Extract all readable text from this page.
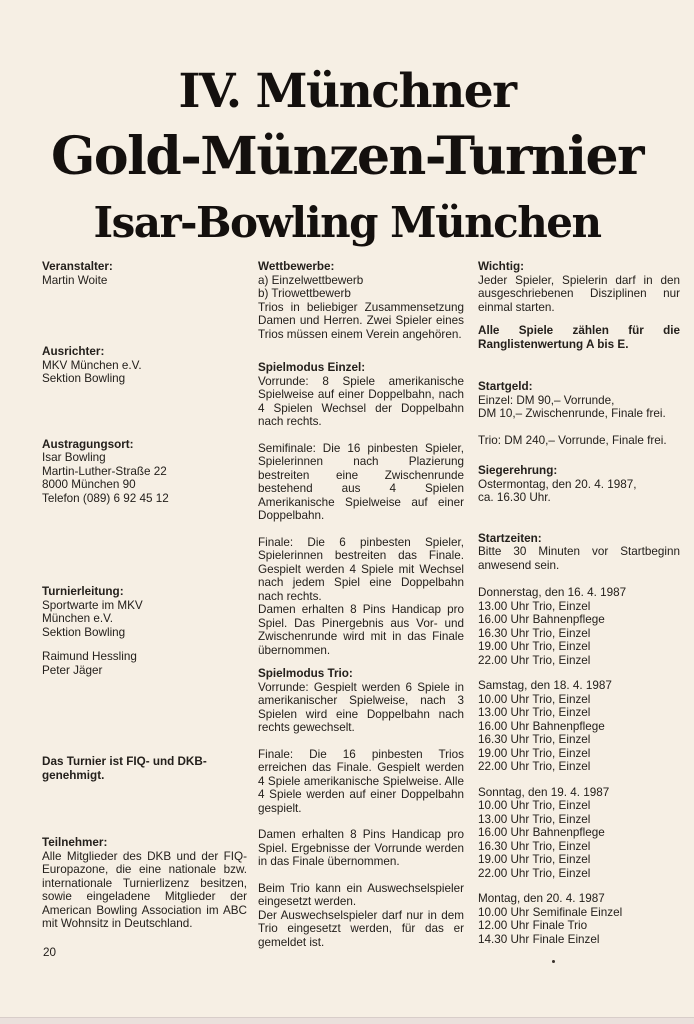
IV. Münchner
Gold-Münzen-Turnier
Isar-Bowling München
Veranstalter:
Martin Woite
Ausrichter:
MKV München e.V.
Sektion Bowling
Austragungsort:
Isar Bowling
Martin-Luther-Straße 22
8000 München 90
Telefon (089) 6 92 45 12
Turnierleitung:
Sportwarte im MKV
München e.V.
Sektion Bowling
Raimund Hessling
Peter Jäger
Das Turnier ist FIQ- und DKB-genehmigt.
Teilnehmer:
Alle Mitglieder des DKB und der FIQ-Europazone, die eine nationale bzw. internationale Turnierlizenz besitzen, sowie eingeladene Mitglieder der American Bowling Association im ABC mit Wohnsitz in Deutschland.
Wettbewerbe:
a) Einzelwettbewerb
b) Triowettbewerb
Trios in beliebiger Zusammensetzung Damen und Herren. Zwei Spieler eines Trios müssen einem Verein angehören.
Spielmodus Einzel:
Vorrunde: 8 Spiele amerikanische Spielweise auf einer Doppelbahn, nach 4 Spielen Wechsel der Doppelbahn nach rechts.
Semifinale: Die 16 pinbesten Spieler, Spielerinnen nach Plazierung bestreiten eine Zwischenrunde bestehend aus 4 Spielen Amerikanische Spielweise auf einer Doppelbahn.
Finale: Die 6 pinbesten Spieler, Spielerinnen bestreiten das Finale. Gespielt werden 4 Spiele mit Wechsel nach jedem Spiel eine Doppelbahn nach rechts.
Damen erhalten 8 Pins Handicap pro Spiel. Das Pinergebnis aus Vor- und Zwischenrunde wird mit in das Finale übernommen.
Spielmodus Trio:
Vorrunde: Gespielt werden 6 Spiele in amerikanischer Spielweise, nach 3 Spielen wird eine Doppelbahn nach rechts gewechselt.
Finale: Die 16 pinbesten Trios erreichen das Finale. Gespielt werden 4 Spiele amerikanische Spielweise. Alle 4 Spiele werden auf einer Doppelbahn gespielt.
Damen erhalten 8 Pins Handicap pro Spiel. Ergebnisse der Vorrunde werden in das Finale übernommen.
Beim Trio kann ein Auswechselspieler eingesetzt werden.
Der Auswechselspieler darf nur in dem Trio eingesetzt werden, für das er gemeldet ist.
Wichtig:
Jeder Spieler, Spielerin darf in den ausgeschriebenen Disziplinen nur einmal starten.
Alle Spiele zählen für die Ranglistenwertung A bis E.
Startgeld:
Einzel: DM 90,– Vorrunde,
DM 10,– Zwischenrunde, Finale frei.
Trio: DM 240,– Vorrunde, Finale frei.
Siegerehrung:
Ostermontag, den 20. 4. 1987,
ca. 16.30 Uhr.
Startzeiten:
Bitte 30 Minuten vor Startbeginn anwesend sein.
Donnerstag, den 16. 4. 1987
13.00 Uhr Trio, Einzel
16.00 Uhr Bahnenpflege
16.30 Uhr Trio, Einzel
19.00 Uhr Trio, Einzel
22.00 Uhr Trio, Einzel
Samstag, den 18. 4. 1987
10.00 Uhr Trio, Einzel
13.00 Uhr Trio, Einzel
16.00 Uhr Bahnenpflege
16.30 Uhr Trio, Einzel
19.00 Uhr Trio, Einzel
22.00 Uhr Trio, Einzel
Sonntag, den 19. 4. 1987
10.00 Uhr Trio, Einzel
13.00 Uhr Trio, Einzel
16.00 Uhr Bahnenpflege
16.30 Uhr Trio, Einzel
19.00 Uhr Trio, Einzel
22.00 Uhr Trio, Einzel
Montag, den 20. 4. 1987
10.00 Uhr Semifinale Einzel
12.00 Uhr Finale Trio
14.30 Uhr Finale Einzel
20
